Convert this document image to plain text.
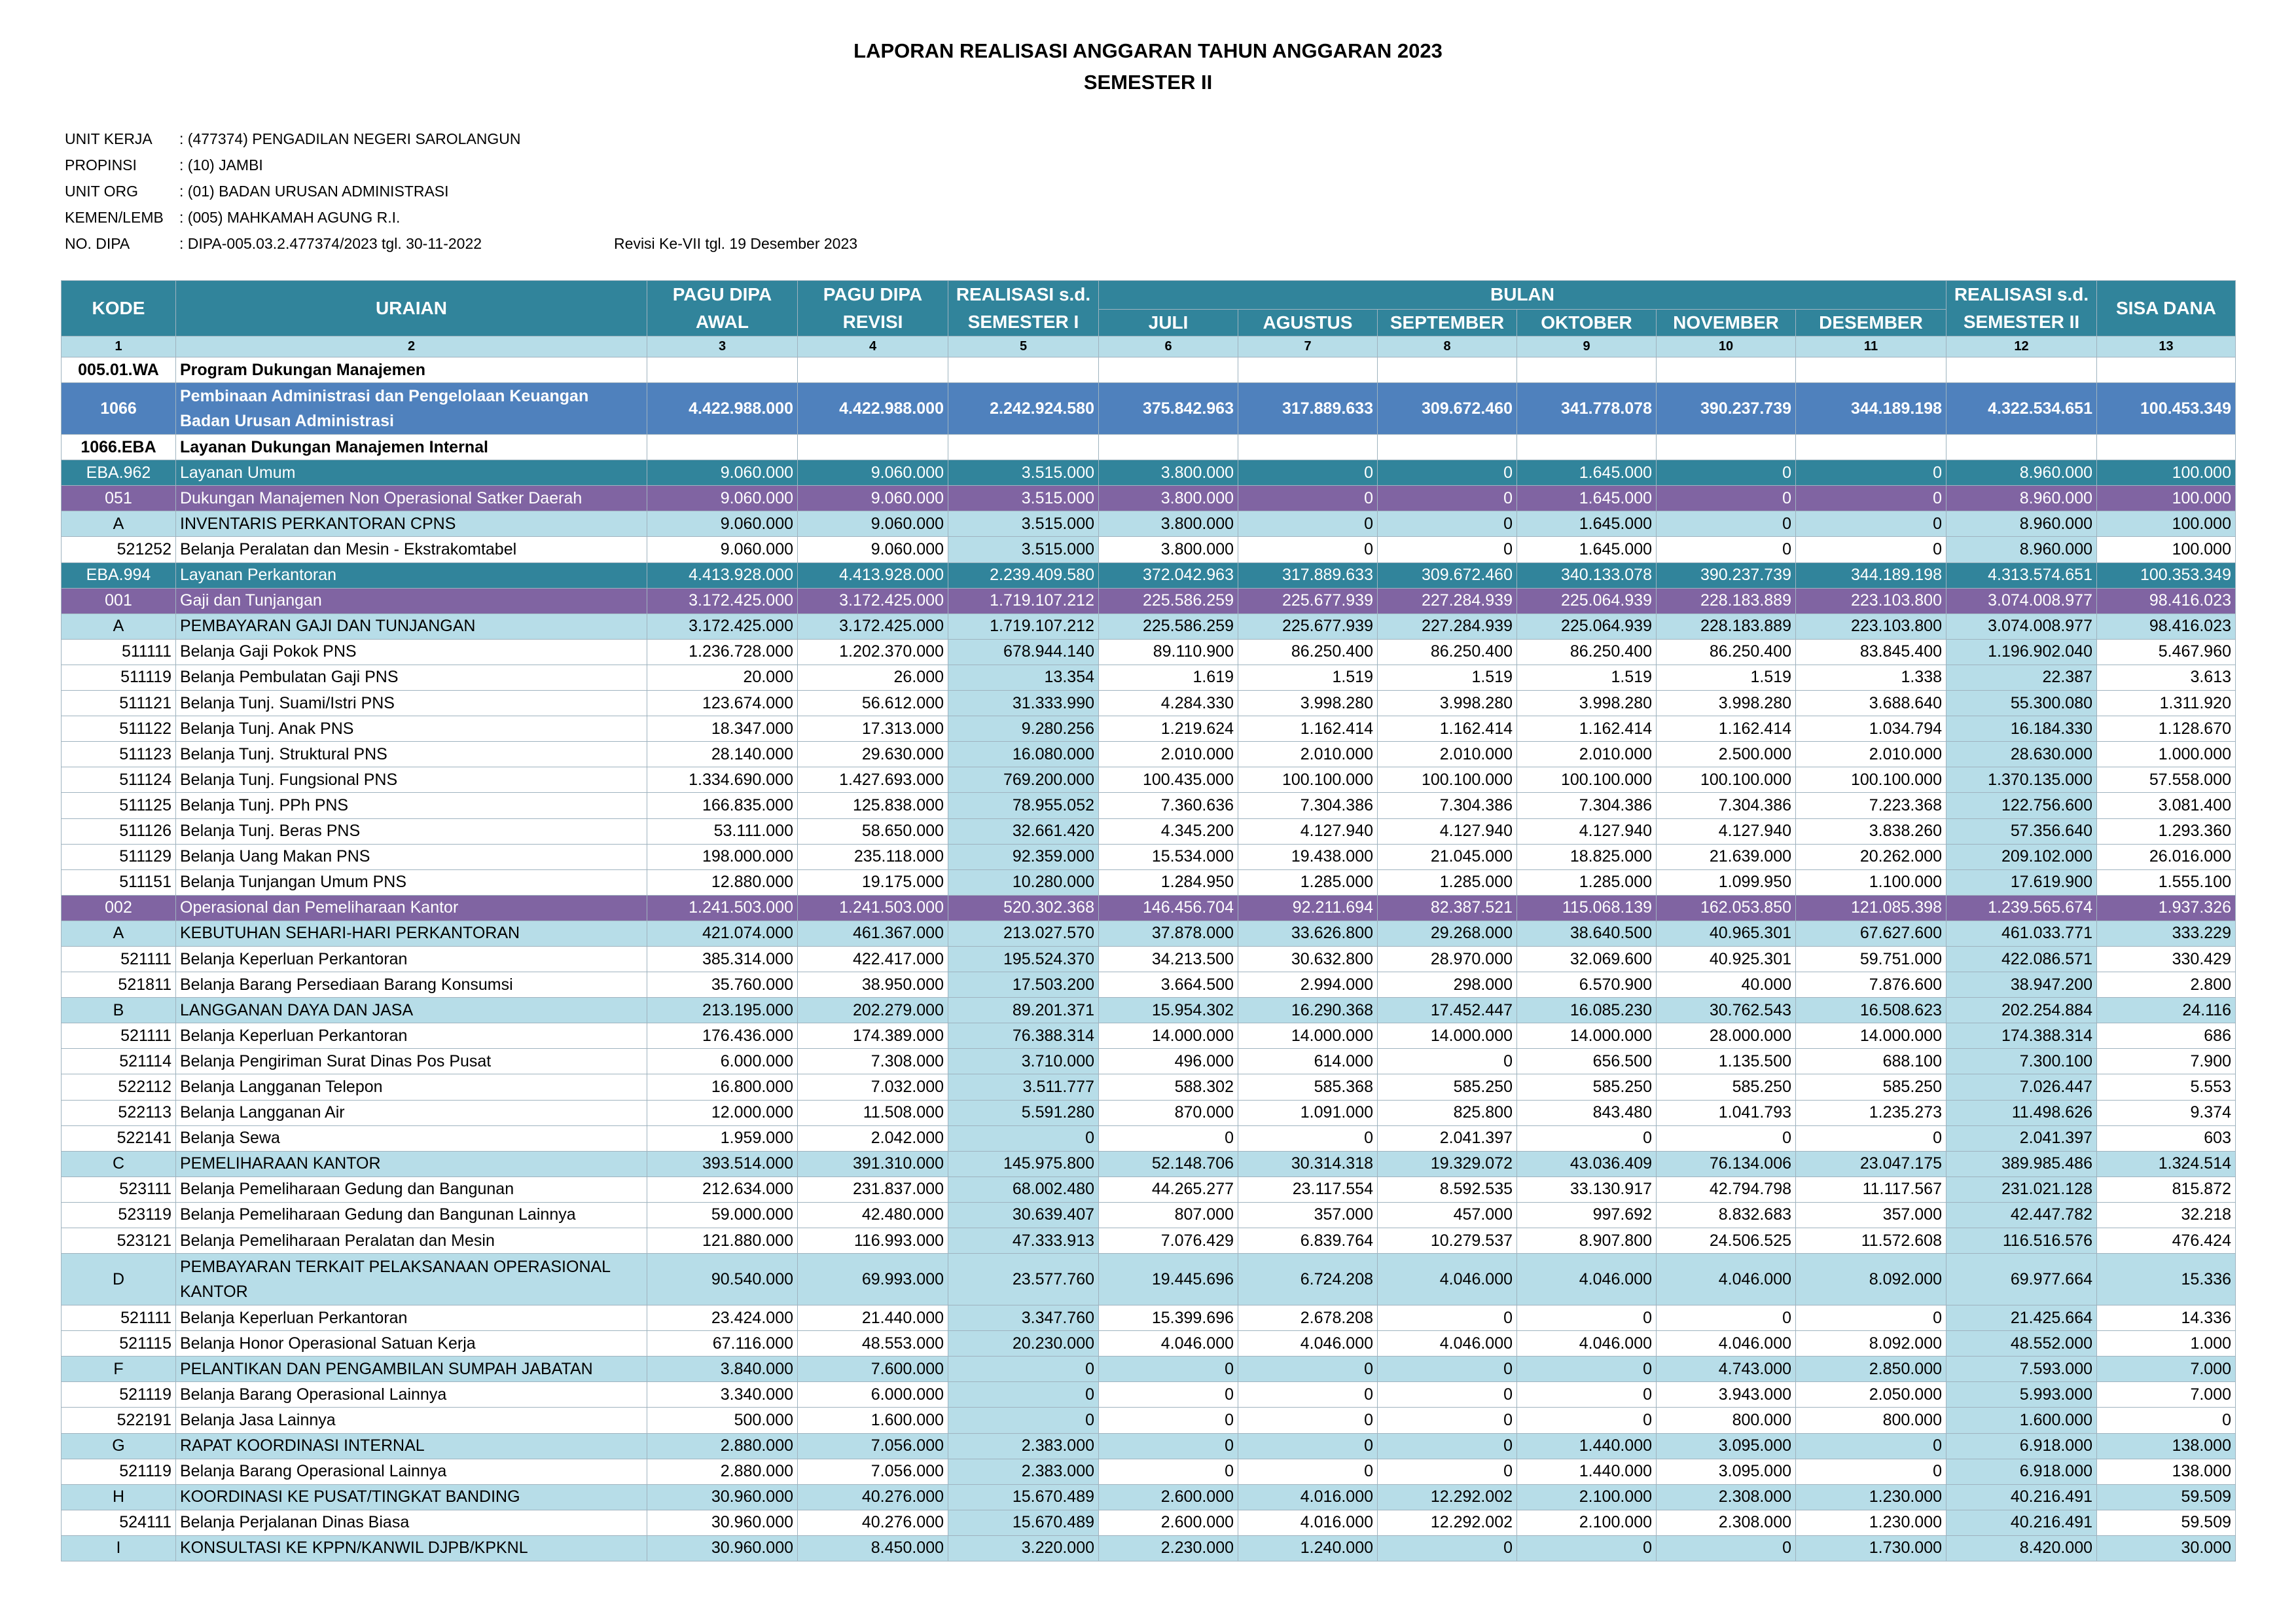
LAPORAN REALISASI ANGGARAN TAHUN ANGGARAN 2023
SEMESTER II
UNIT KERJA	: (477374) PENGADILAN NEGERI SAROLANGUN
PROPINSI	: (10) JAMBI
UNIT ORG	: (01) BADAN URUSAN ADMINISTRASI
KEMEN/LEMB	: (005) MAHKAMAH AGUNG R.I.
NO. DIPA	: DIPA-005.03.2.477374/2023 tgl. 30-11-2022	Revisi Ke-VII tgl. 19 Desember 2023
KODE	URAIAN	PAGU DIPA AWAL	PAGU DIPA REVISI	REALISASI s.d. SEMESTER I	BULAN						REALISASI s.d. SEMESTER II	SISA DANA
					JULI	AGUSTUS	SEPTEMBER	OKTOBER	NOVEMBER	DESEMBER		
1	2	3	4	5	6	7	8	9	10	11	12	13
005.01.WA	Program Dukungan Manajemen											
1066	Pembinaan Administrasi dan Pengelolaan Keuangan Badan Urusan Administrasi	4.422.988.000	4.422.988.000	2.242.924.580	375.842.963	317.889.633	309.672.460	341.778.078	390.237.739	344.189.198	4.322.534.651	100.453.349
1066.EBA	Layanan Dukungan Manajemen Internal											
EBA.962	Layanan Umum	9.060.000	9.060.000	3.515.000	3.800.000	0	0	1.645.000	0	0	8.960.000	100.000
051	Dukungan Manajemen Non Operasional Satker Daerah	9.060.000	9.060.000	3.515.000	3.800.000	0	0	1.645.000	0	0	8.960.000	100.000
A	INVENTARIS PERKANTORAN CPNS	9.060.000	9.060.000	3.515.000	3.800.000	0	0	1.645.000	0	0	8.960.000	100.000
521252	Belanja Peralatan dan Mesin - Ekstrakomtabel	9.060.000	9.060.000	3.515.000	3.800.000	0	0	1.645.000	0	0	8.960.000	100.000
EBA.994	Layanan Perkantoran	4.413.928.000	4.413.928.000	2.239.409.580	372.042.963	317.889.633	309.672.460	340.133.078	390.237.739	344.189.198	4.313.574.651	100.353.349
001	Gaji dan Tunjangan	3.172.425.000	3.172.425.000	1.719.107.212	225.586.259	225.677.939	227.284.939	225.064.939	228.183.889	223.103.800	3.074.008.977	98.416.023
A	PEMBAYARAN GAJI DAN TUNJANGAN	3.172.425.000	3.172.425.000	1.719.107.212	225.586.259	225.677.939	227.284.939	225.064.939	228.183.889	223.103.800	3.074.008.977	98.416.023
511111	Belanja Gaji Pokok PNS	1.236.728.000	1.202.370.000	678.944.140	89.110.900	86.250.400	86.250.400	86.250.400	86.250.400	83.845.400	1.196.902.040	5.467.960
511119	Belanja Pembulatan Gaji PNS	20.000	26.000	13.354	1.619	1.519	1.519	1.519	1.519	1.338	22.387	3.613
511121	Belanja Tunj. Suami/Istri PNS	123.674.000	56.612.000	31.333.990	4.284.330	3.998.280	3.998.280	3.998.280	3.998.280	3.688.640	55.300.080	1.311.920
511122	Belanja Tunj. Anak PNS	18.347.000	17.313.000	9.280.256	1.219.624	1.162.414	1.162.414	1.162.414	1.162.414	1.034.794	16.184.330	1.128.670
511123	Belanja Tunj. Struktural PNS	28.140.000	29.630.000	16.080.000	2.010.000	2.010.000	2.010.000	2.010.000	2.500.000	2.010.000	28.630.000	1.000.000
511124	Belanja Tunj. Fungsional PNS	1.334.690.000	1.427.693.000	769.200.000	100.435.000	100.100.000	100.100.000	100.100.000	100.100.000	100.100.000	1.370.135.000	57.558.000
511125	Belanja Tunj. PPh PNS	166.835.000	125.838.000	78.955.052	7.360.636	7.304.386	7.304.386	7.304.386	7.304.386	7.223.368	122.756.600	3.081.400
511126	Belanja Tunj. Beras PNS	53.111.000	58.650.000	32.661.420	4.345.200	4.127.940	4.127.940	4.127.940	4.127.940	3.838.260	57.356.640	1.293.360
511129	Belanja Uang Makan PNS	198.000.000	235.118.000	92.359.000	15.534.000	19.438.000	21.045.000	18.825.000	21.639.000	20.262.000	209.102.000	26.016.000
511151	Belanja Tunjangan Umum PNS	12.880.000	19.175.000	10.280.000	1.284.950	1.285.000	1.285.000	1.285.000	1.099.950	1.100.000	17.619.900	1.555.100
002	Operasional dan Pemeliharaan Kantor	1.241.503.000	1.241.503.000	520.302.368	146.456.704	92.211.694	82.387.521	115.068.139	162.053.850	121.085.398	1.239.565.674	1.937.326
A	KEBUTUHAN SEHARI-HARI PERKANTORAN	421.074.000	461.367.000	213.027.570	37.878.000	33.626.800	29.268.000	38.640.500	40.965.301	67.627.600	461.033.771	333.229
521111	Belanja Keperluan Perkantoran	385.314.000	422.417.000	195.524.370	34.213.500	30.632.800	28.970.000	32.069.600	40.925.301	59.751.000	422.086.571	330.429
521811	Belanja Barang Persediaan Barang Konsumsi	35.760.000	38.950.000	17.503.200	3.664.500	2.994.000	298.000	6.570.900	40.000	7.876.600	38.947.200	2.800
B	LANGGANAN DAYA DAN JASA	213.195.000	202.279.000	89.201.371	15.954.302	16.290.368	17.452.447	16.085.230	30.762.543	16.508.623	202.254.884	24.116
521111	Belanja Keperluan Perkantoran	176.436.000	174.389.000	76.388.314	14.000.000	14.000.000	14.000.000	14.000.000	28.000.000	14.000.000	174.388.314	686
521114	Belanja Pengiriman Surat Dinas Pos Pusat	6.000.000	7.308.000	3.710.000	496.000	614.000	0	656.500	1.135.500	688.100	7.300.100	7.900
522112	Belanja Langganan Telepon	16.800.000	7.032.000	3.511.777	588.302	585.368	585.250	585.250	585.250	585.250	7.026.447	5.553
522113	Belanja Langganan Air	12.000.000	11.508.000	5.591.280	870.000	1.091.000	825.800	843.480	1.041.793	1.235.273	11.498.626	9.374
522141	Belanja Sewa	1.959.000	2.042.000	0	0	0	2.041.397	0	0	0	2.041.397	603
C	PEMELIHARAAN KANTOR	393.514.000	391.310.000	145.975.800	52.148.706	30.314.318	19.329.072	43.036.409	76.134.006	23.047.175	389.985.486	1.324.514
523111	Belanja Pemeliharaan Gedung dan Bangunan	212.634.000	231.837.000	68.002.480	44.265.277	23.117.554	8.592.535	33.130.917	42.794.798	11.117.567	231.021.128	815.872
523119	Belanja Pemeliharaan Gedung dan Bangunan Lainnya	59.000.000	42.480.000	30.639.407	807.000	357.000	457.000	997.692	8.832.683	357.000	42.447.782	32.218
523121	Belanja Pemeliharaan Peralatan dan Mesin	121.880.000	116.993.000	47.333.913	7.076.429	6.839.764	10.279.537	8.907.800	24.506.525	11.572.608	116.516.576	476.424
D	PEMBAYARAN TERKAIT PELAKSANAAN OPERASIONAL KANTOR	90.540.000	69.993.000	23.577.760	19.445.696	6.724.208	4.046.000	4.046.000	4.046.000	8.092.000	69.977.664	15.336
521111	Belanja Keperluan Perkantoran	23.424.000	21.440.000	3.347.760	15.399.696	2.678.208	0	0	0	0	21.425.664	14.336
521115	Belanja Honor Operasional Satuan Kerja	67.116.000	48.553.000	20.230.000	4.046.000	4.046.000	4.046.000	4.046.000	4.046.000	8.092.000	48.552.000	1.000
F	PELANTIKAN DAN PENGAMBILAN SUMPAH JABATAN	3.840.000	7.600.000	0	0	0	0	0	4.743.000	2.850.000	7.593.000	7.000
521119	Belanja Barang Operasional Lainnya	3.340.000	6.000.000	0	0	0	0	0	3.943.000	2.050.000	5.993.000	7.000
522191	Belanja Jasa Lainnya	500.000	1.600.000	0	0	0	0	0	800.000	800.000	1.600.000	0
G	RAPAT KOORDINASI INTERNAL	2.880.000	7.056.000	2.383.000	0	0	0	1.440.000	3.095.000	0	6.918.000	138.000
521119	Belanja Barang Operasional Lainnya	2.880.000	7.056.000	2.383.000	0	0	0	1.440.000	3.095.000	0	6.918.000	138.000
H	KOORDINASI KE PUSAT/TINGKAT BANDING	30.960.000	40.276.000	15.670.489	2.600.000	4.016.000	12.292.002	2.100.000	2.308.000	1.230.000	40.216.491	59.509
524111	Belanja Perjalanan Dinas Biasa	30.960.000	40.276.000	15.670.489	2.600.000	4.016.000	12.292.002	2.100.000	2.308.000	1.230.000	40.216.491	59.509
I	KONSULTASI KE KPPN/KANWIL DJPB/KPKNL	30.960.000	8.450.000	3.220.000	2.230.000	1.240.000	0	0	0	1.730.000	8.420.000	30.000
